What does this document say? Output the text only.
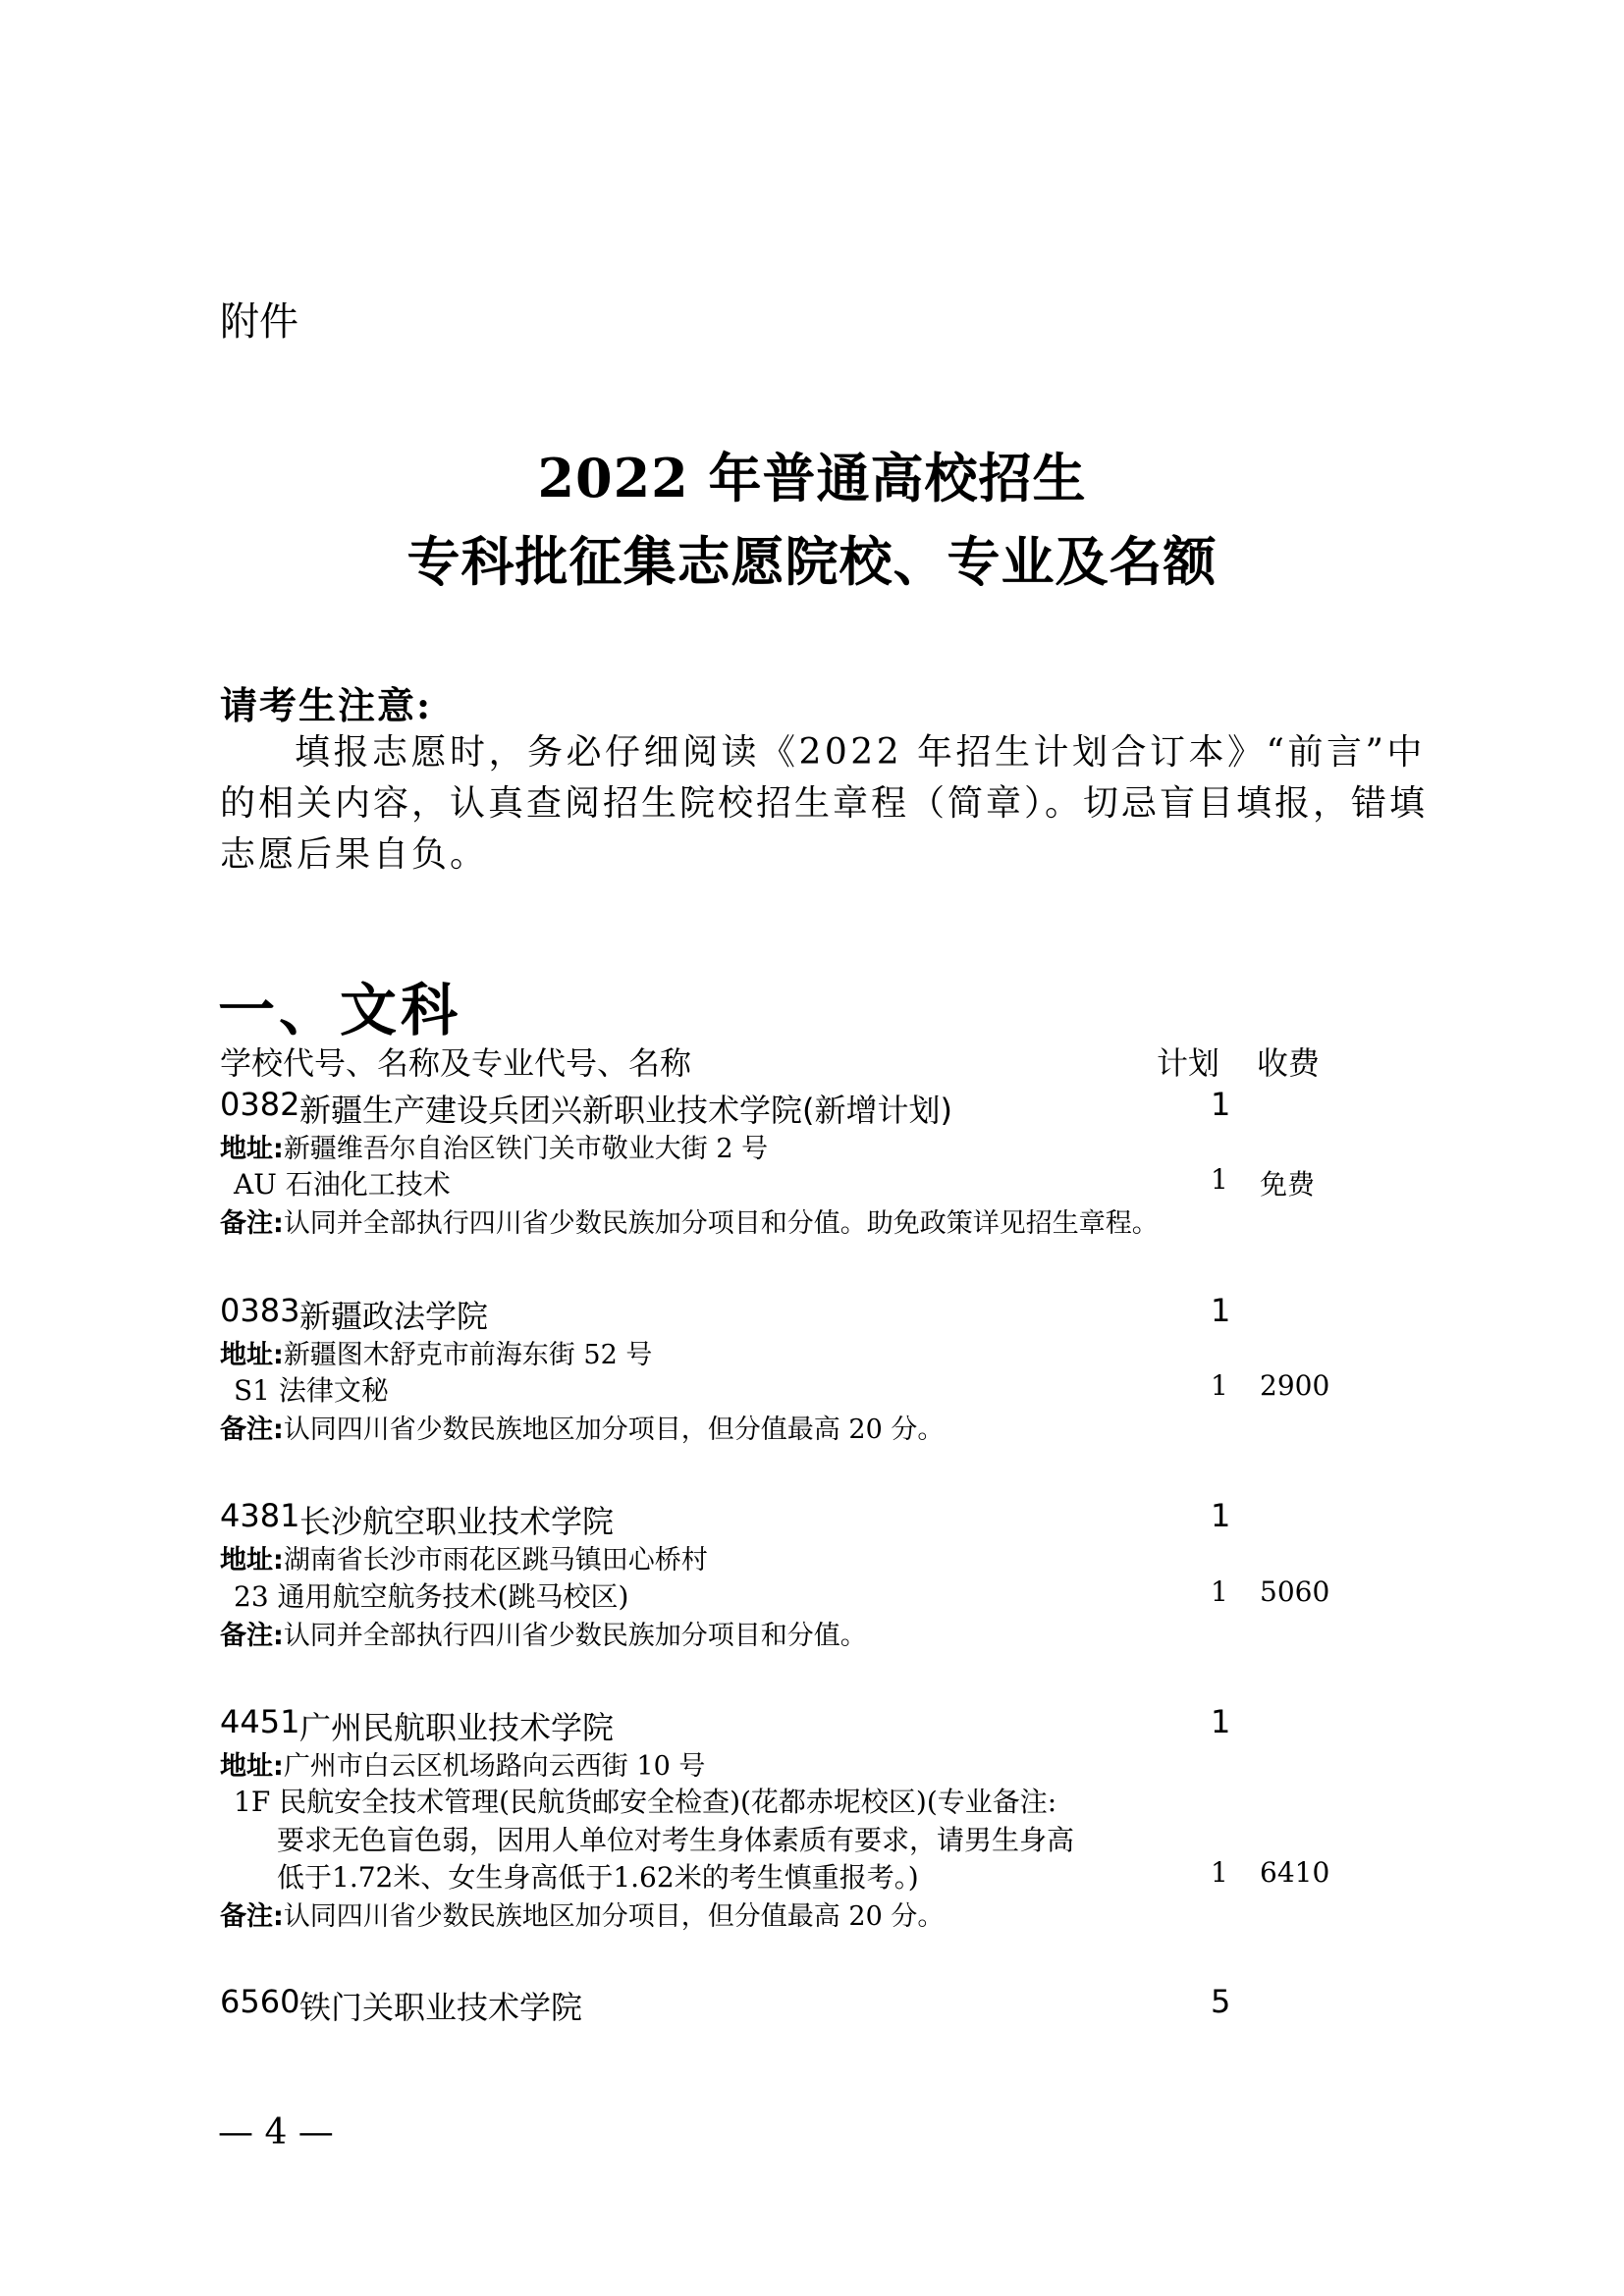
附件
2022 年普通高校招生
专科批征集志愿院校、专业及名额
请考生注意:
填报志愿时，务必仔细阅读《2022 年招生计划合订本》“前言”中
的相关内容，认真查阅招生院校招生章程（简章）。切忌盲目填报，错填
志愿后果自负。
一、文科
学校代号、名称及专业代号、名称	计划 收费
0382 新疆生产建设兵团兴新职业技术学院(新增计划)	1
地址:新疆维吾尔自治区铁门关市敬业大街 2 号
AU 石油化工技术	1 免费
备注:认同并全部执行四川省少数民族加分项目和分值。助免政策详见招生章程。
0383 新疆政法学院	1
地址:新疆图木舒克市前海东街 52 号
S1 法律文秘	1 2900
备注:认同四川省少数民族地区加分项目，但分值最高 20 分。
4381 长沙航空职业技术学院	1
地址:湖南省长沙市雨花区跳马镇田心桥村
23 通用航空航务技术(跳马校区)	1 5060
备注:认同并全部执行四川省少数民族加分项目和分值。
4451 广州民航职业技术学院	1
地址:广州市白云区机场路向云西街 10 号
1F 民航安全技术管理(民航货邮安全检查)(花都赤坭校区)(专业备注:
要求无色盲色弱，因用人单位对考生身体素质有要求，请男生身高
低于1.72米、女生身高低于1.62米的考生慎重报考。)	1 6410
备注:认同四川省少数民族地区加分项目，但分值最高 20 分。
6560 铁门关职业技术学院	5
— 4 —
